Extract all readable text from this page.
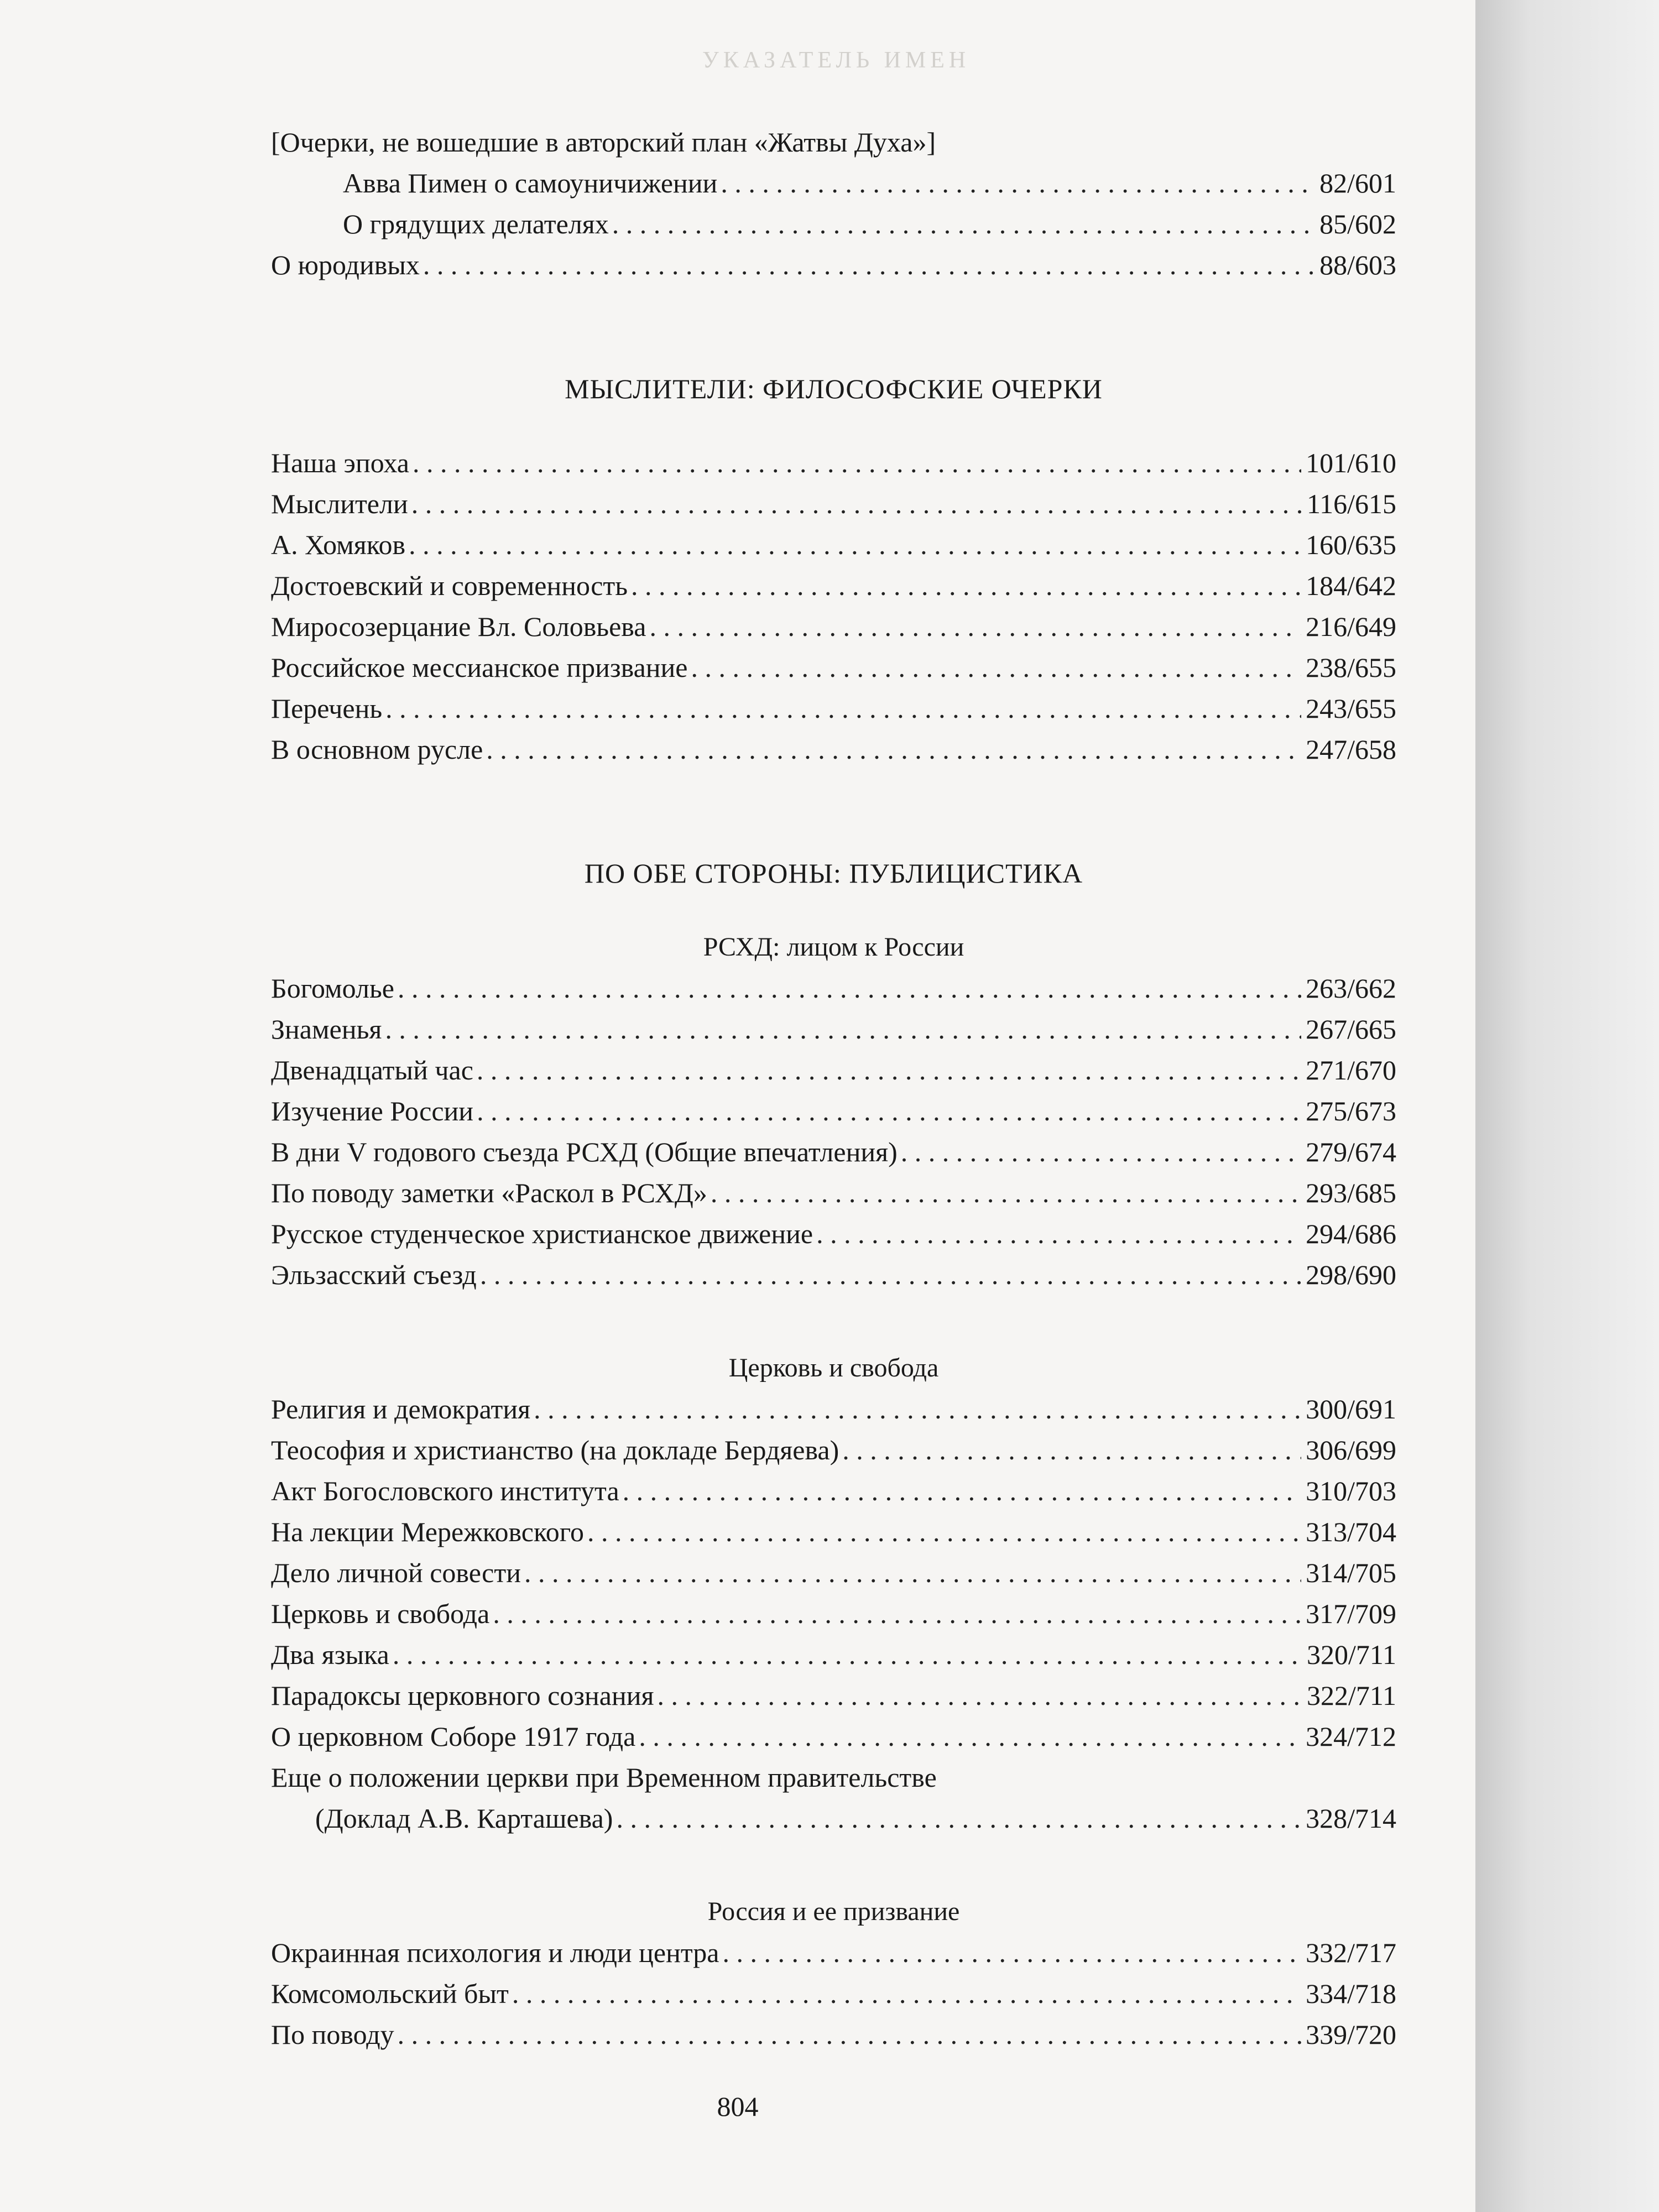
УКАЗАТЕЛЬ ИМЕН
[Очерки, не вошедшие в авторский план «Жатвы Духа»]
Авва Пимен о самоуничижении . . .	82/601
О грядущих делателях . . .	85/602
О юродивых . . .	88/603
МЫСЛИТЕЛИ: ФИЛОСОФСКИЕ ОЧЕРКИ
Наша эпоха . . .	101/610
Мыслители . . .	116/615
А. Хомяков . . .	160/635
Достоевский и современность . . .	184/642
Миросозерцание Вл. Соловьева . . .	216/649
Российское мессианское призвание . . .	238/655
Перечень . . .	243/655
В основном русле . . .	247/658
ПО ОБЕ СТОРОНЫ: ПУБЛИЦИСТИКА
РСХД: лицом к России
Богомолье . . .	263/662
Знаменья . . .	267/665
Двенадцатый час . . .	271/670
Изучение России . . .	275/673
В дни V годового съезда РСХД (Общие впечатления) . . .	279/674
По поводу заметки «Раскол в РСХД» . . .	293/685
Русское студенческое христианское движение . . .	294/686
Эльзасский съезд . . .	298/690
Церковь и свобода
Религия и демократия . . .	300/691
Теософия и христианство (на докладе Бердяева) . . .	306/699
Акт Богословского института . . .	310/703
На лекции Мережковского . . .	313/704
Дело личной совести . . .	314/705
Церковь и свобода . . .	317/709
Два языка . . .	320/711
Парадоксы церковного сознания . . .	322/711
О церковном Соборе 1917 года . . .	324/712
Еще о положении церкви при Временном правительстве
(Доклад А.В. Карташева) . . .	328/714
Россия и ее призвание
Окраинная психология и люди центра . . .	332/717
Комсомольский быт . . .	334/718
По поводу . . .	339/720
804
